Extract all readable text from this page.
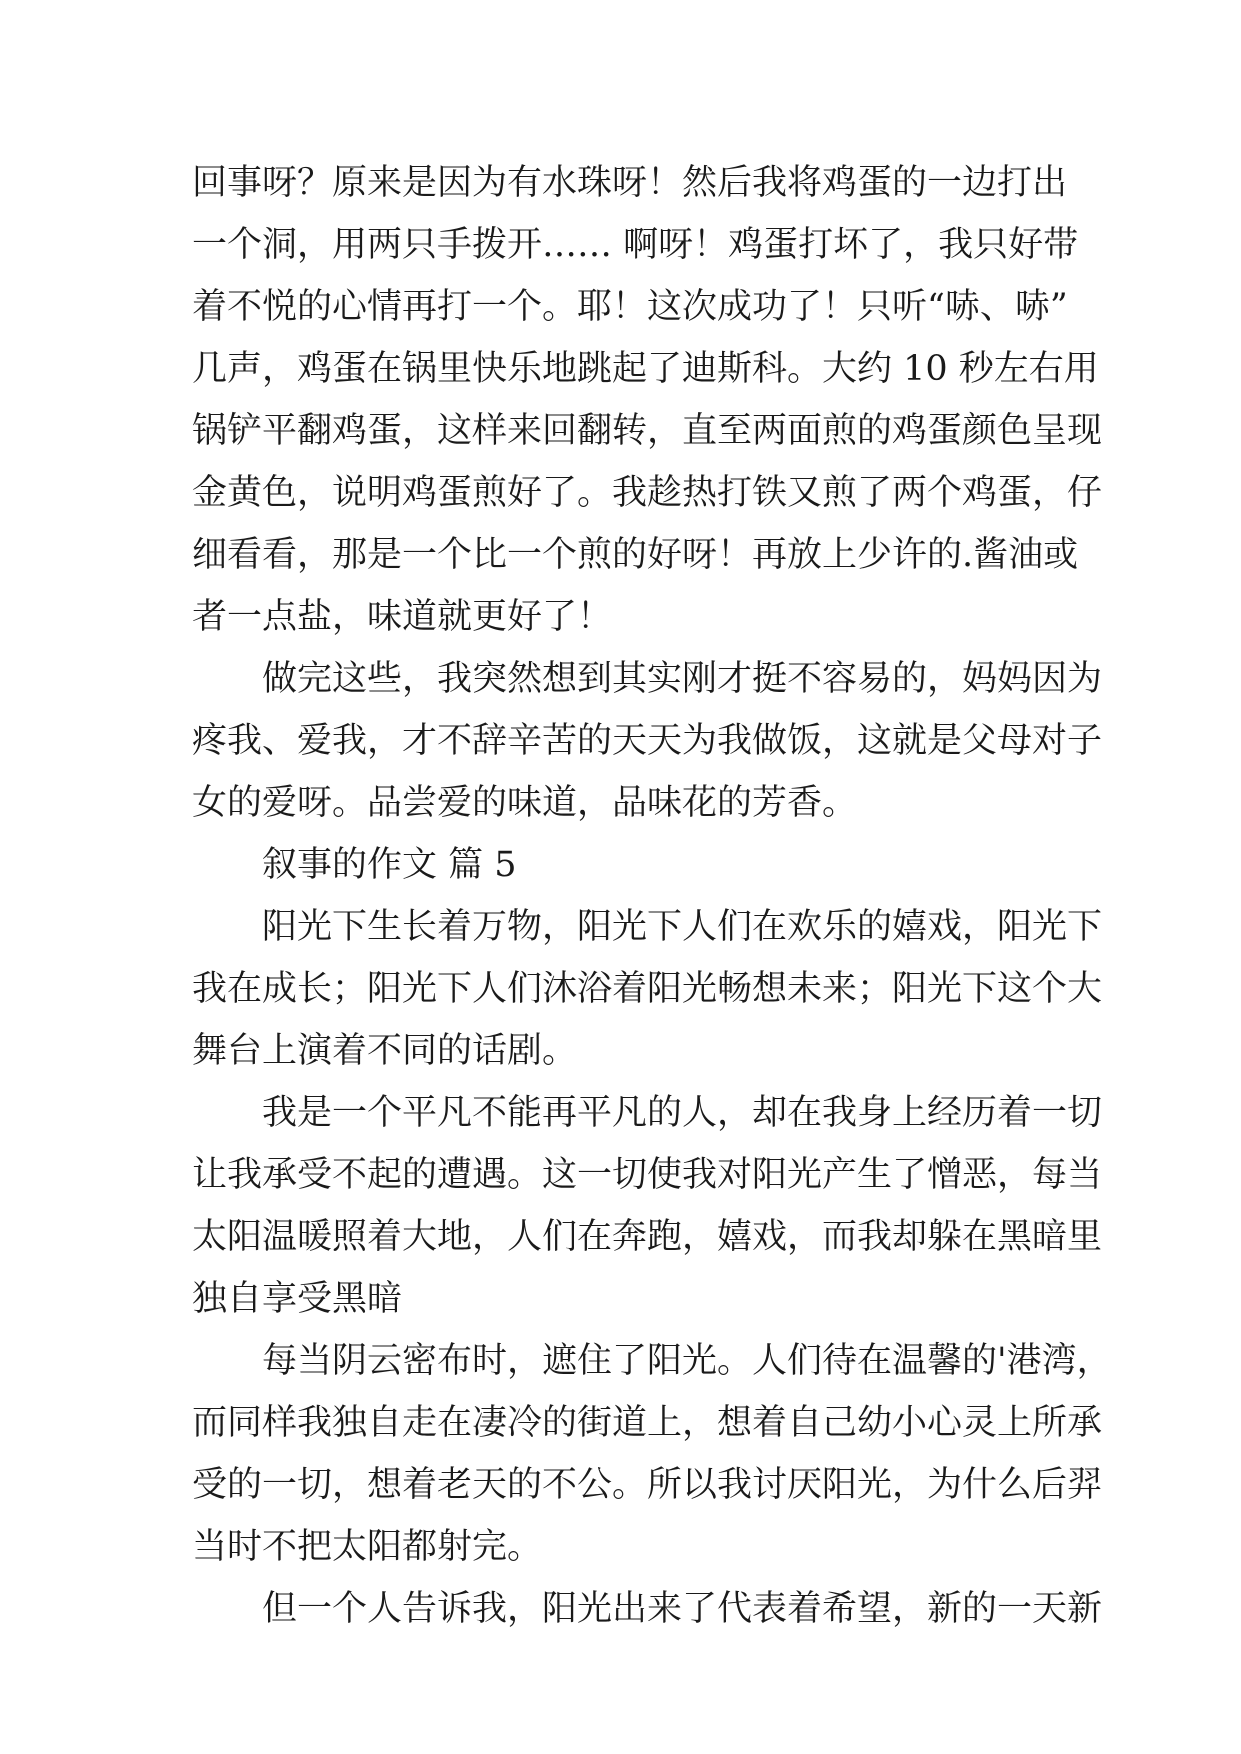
回事呀？原来是因为有水珠呀！然后我将鸡蛋的一边打出
一个洞，用两只手拨开…… 啊呀！鸡蛋打坏了，我只好带
着不悦的心情再打一个。耶！这次成功了！只听“哧、哧”
几声，鸡蛋在锅里快乐地跳起了迪斯科。大约 10 秒左右用
锅铲平翻鸡蛋，这样来回翻转，直至两面煎的鸡蛋颜色呈现
金黄色，说明鸡蛋煎好了。我趁热打铁又煎了两个鸡蛋，仔
细看看，那是一个比一个煎的好呀！再放上少许的.酱油或
者一点盐，味道就更好了！
做完这些，我突然想到其实刚才挺不容易的，妈妈因为
疼我、爱我，才不辞辛苦的天天为我做饭，这就是父母对子
女的爱呀。品尝爱的味道，品味花的芳香。
叙事的作文 篇 5
阳光下生长着万物，阳光下人们在欢乐的嬉戏，阳光下
我在成长；阳光下人们沐浴着阳光畅想未来；阳光下这个大
舞台上演着不同的话剧。
我是一个平凡不能再平凡的人，却在我身上经历着一切
让我承受不起的遭遇。这一切使我对阳光产生了憎恶，每当
太阳温暖照着大地，人们在奔跑，嬉戏，而我却躲在黑暗里
独自享受黑暗
每当阴云密布时，遮住了阳光。人们待在温馨的'港湾，
而同样我独自走在凄冷的街道上，想着自己幼小心灵上所承
受的一切，想着老天的不公。所以我讨厌阳光，为什么后羿
当时不把太阳都射完。
但一个人告诉我，阳光出来了代表着希望，新的一天新
